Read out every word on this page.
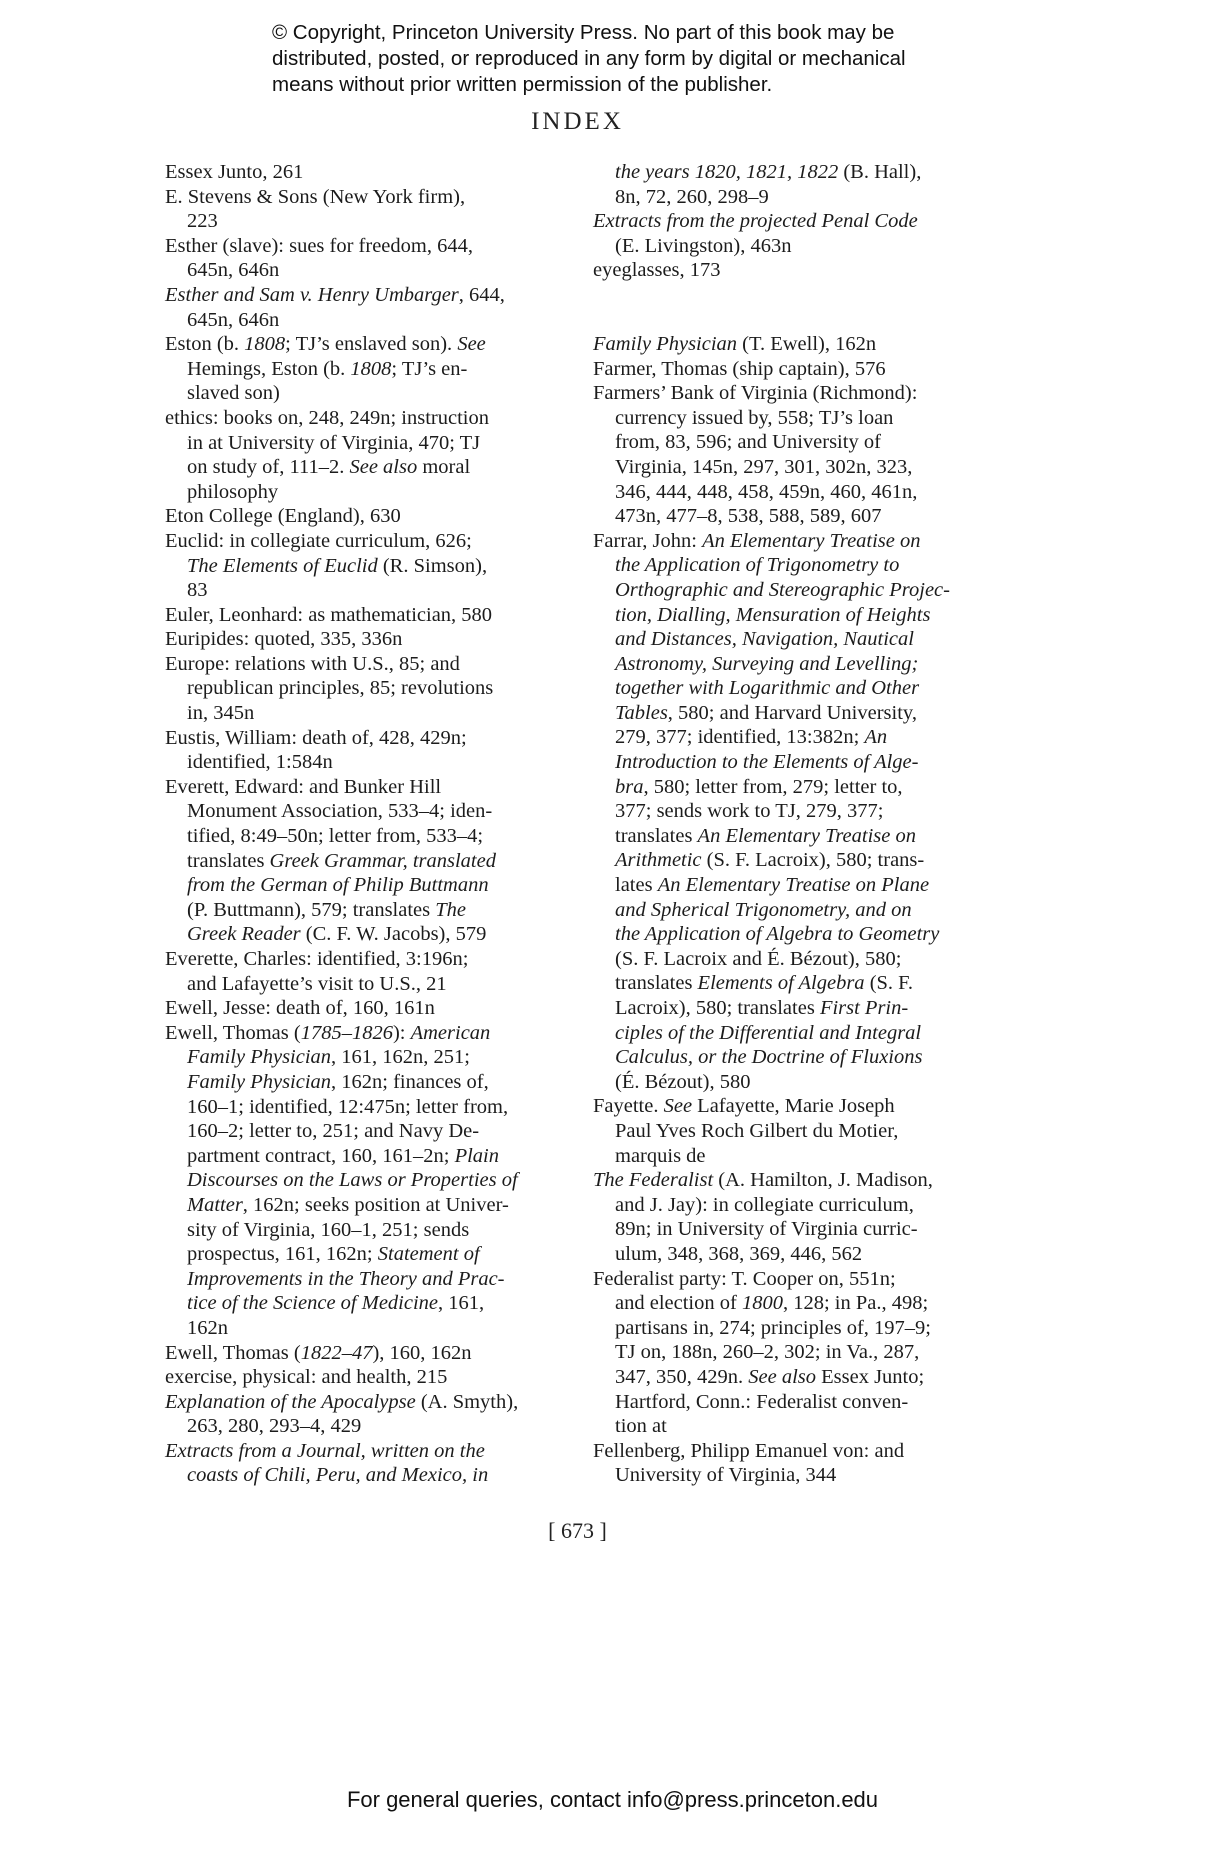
© Copyright, Princeton University Press. No part of this book may be
distributed, posted, or reproduced in any form by digital or mechanical
means without prior written permission of the publisher.
INDEX
Essex Junto, 261
E. Stevens & Sons (New York firm),
223
Esther (slave): sues for freedom, 644,
645n, 646n
Esther and Sam v. Henry Umbarger, 644,
645n, 646n
Eston (b. 1808; TJ’s enslaved son). See
Hemings, Eston (b. 1808; TJ’s en-
slaved son)
ethics: books on, 248, 249n; instruction
in at University of Virginia, 470; TJ
on study of, 111–2. See also moral
philosophy
Eton College (England), 630
Euclid: in collegiate curriculum, 626;
The Elements of Euclid (R. Simson),
83
Euler, Leonhard: as mathematician, 580
Euripides: quoted, 335, 336n
Europe: relations with U.S., 85; and
republican principles, 85; revolutions
in, 345n
Eustis, William: death of, 428, 429n;
identified, 1:584n
Everett, Edward: and Bunker Hill
Monument Association, 533–4; iden-
tified, 8:49–50n; letter from, 533–4;
translates Greek Grammar, translated
from the German of Philip Buttmann
(P. Buttmann), 579; translates The
Greek Reader (C. F. W. Jacobs), 579
Everette, Charles: identified, 3:196n;
and Lafayette’s visit to U.S., 21
Ewell, Jesse: death of, 160, 161n
Ewell, Thomas (1785–1826): American
Family Physician, 161, 162n, 251;
Family Physician, 162n; finances of,
160–1; identified, 12:475n; letter from,
160–2; letter to, 251; and Navy De-
partment contract, 160, 161–2n; Plain
Discourses on the Laws or Properties of
Matter, 162n; seeks position at Univer-
sity of Virginia, 160–1, 251; sends
prospectus, 161, 162n; Statement of
Improvements in the Theory and Prac-
tice of the Science of Medicine, 161,
162n
Ewell, Thomas (1822–47), 160, 162n
exercise, physical: and health, 215
Explanation of the Apocalypse (A. Smyth),
263, 280, 293–4, 429
Extracts from a Journal, written on the
coasts of Chili, Peru, and Mexico, in
the years 1820, 1821, 1822 (B. Hall),
8n, 72, 260, 298–9
Extracts from the projected Penal Code
(E. Livingston), 463n
eyeglasses, 173
Family Physician (T. Ewell), 162n
Farmer, Thomas (ship captain), 576
Farmers’ Bank of Virginia (Richmond):
currency issued by, 558; TJ’s loan
from, 83, 596; and University of
Virginia, 145n, 297, 301, 302n, 323,
346, 444, 448, 458, 459n, 460, 461n,
473n, 477–8, 538, 588, 589, 607
Farrar, John: An Elementary Treatise on
the Application of Trigonometry to
Orthographic and Stereographic Projec-
tion, Dialling, Mensuration of Heights
and Distances, Navigation, Nautical
Astronomy, Surveying and Levelling;
together with Logarithmic and Other
Tables, 580; and Harvard University,
279, 377; identified, 13:382n; An
Introduction to the Elements of Alge-
bra, 580; letter from, 279; letter to,
377; sends work to TJ, 279, 377;
translates An Elementary Treatise on
Arithmetic (S. F. Lacroix), 580; trans-
lates An Elementary Treatise on Plane
and Spherical Trigonometry, and on
the Application of Algebra to Geometry
(S. F. Lacroix and É. Bézout), 580;
translates Elements of Algebra (S. F.
Lacroix), 580; translates First Prin-
ciples of the Differential and Integral
Calculus, or the Doctrine of Fluxions
(É. Bézout), 580
Fayette. See Lafayette, Marie Joseph
Paul Yves Roch Gilbert du Motier,
marquis de
The Federalist (A. Hamilton, J. Madison,
and J. Jay): in collegiate curriculum,
89n; in University of Virginia curric-
ulum, 348, 368, 369, 446, 562
Federalist party: T. Cooper on, 551n;
and election of 1800, 128; in Pa., 498;
partisans in, 274; principles of, 197–9;
TJ on, 188n, 260–2, 302; in Va., 287,
347, 350, 429n. See also Essex Junto;
Hartford, Conn.: Federalist conven-
tion at
Fellenberg, Philipp Emanuel von: and
University of Virginia, 344
[ 673 ]
For general queries, contact info@press.princeton.edu
